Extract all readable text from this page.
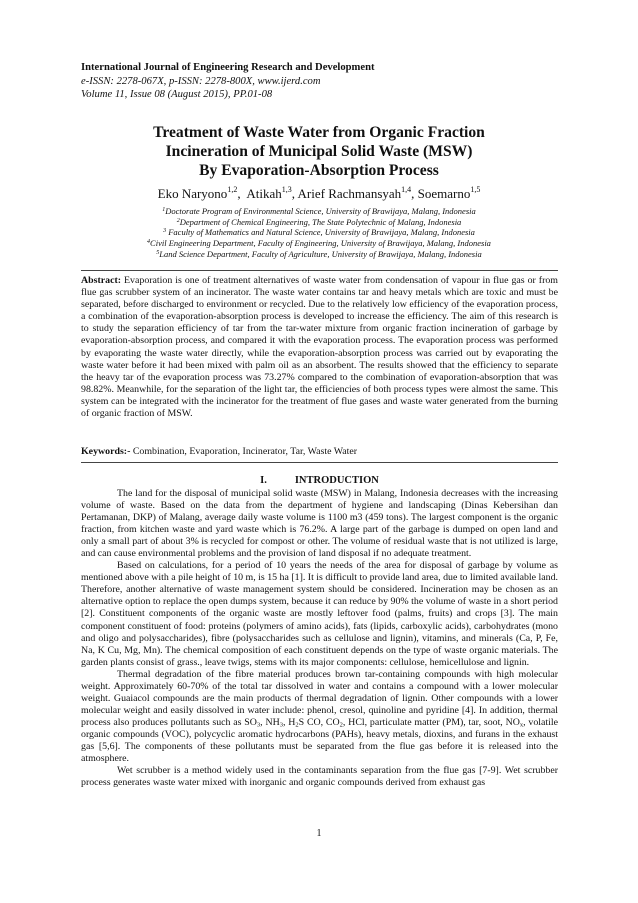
International Journal of Engineering Research and Development
e-ISSN: 2278-067X, p-ISSN: 2278-800X, www.ijerd.com
Volume 11, Issue 08 (August 2015), PP.01-08
Treatment of Waste Water from Organic Fraction
Incineration of Municipal Solid Waste (MSW)
By Evaporation-Absorption Process
Eko Naryono$^{1,2}$,  Atikah$^{1,3}$, Arief Rachmansyah$^{1,4}$, Soemarno$^{1,5}$
$^1$Doctorate Program of Environmental Science, University of Brawijaya, Malang, Indonesia
$^2$Department of Chemical Engineering, The State Polytechnic of Malang, Indonesia
$^3$ Faculty of Mathematics and Natural Science, University of Brawijaya, Malang, Indonesia
$^4$Civil Engineering Department, Faculty of Engineering, University of Brawijaya, Malang, Indonesia
$^5$Land Science Department, Faculty of Agriculture, University of Brawijaya, Malang, Indonesia
Abstract: Evaporation is one of treatment alternatives of waste water from condensation of vapour in flue gas or from flue gas scrubber system of an incinerator. The waste water contains tar and heavy metals which are toxic and must be separated, before discharged to environment or recycled. Due to the relatively low efficiency of the evaporation process, a combination of the evaporation-absorption process is developed to increase the efficiency. The aim of this research is to study the separation efficiency of tar from the tar-water mixture from organic fraction incineration of garbage by evaporation-absorption process, and compared it with the evaporation process. The evaporation process was performed by evaporating the waste water directly, while the evaporation-absorption process was carried out by evaporating the waste water before it had been mixed with palm oil as an absorbent. The results showed that the efficiency to separate the heavy tar of the evaporation process was 73.27% compared to the combination of evaporation-absorption that was 98.82%. Meanwhile, for the separation of the light tar, the efficiencies of both process types were almost the same. This system can be integrated with the incinerator for the treatment of flue gases and waste water generated from the burning of organic fraction of MSW.
Keywords:- Combination, Evaporation, Incinerator, Tar, Waste Water
I.	INTRODUCTION

The land for the disposal of municipal solid waste (MSW) in Malang, Indonesia decreases with the increasing volume of waste. Based on the data from the department of hygiene and landscaping (Dinas Kebersihan dan Pertamanan, DKP) of Malang, average daily waste volume is 1100 m3 (459 tons). The largest component is the organic fraction, from kitchen waste and yard waste which is 76.2%. A large part of the garbage is dumped on open land and only a small part of about 3% is recycled for compost or other. The volume of residual waste that is not utilized is large, and can cause environmental problems and the provision of land disposal if no adequate treatment.

Based on calculations, for a period of 10 years the needs of the area for disposal of garbage by volume as mentioned above with a pile height of 10 m, is 15 ha [1]. It is difficult to provide land area, due to limited available land. Therefore, another alternative of waste management system should be considered. Incineration may be chosen as an alternative option to replace the open dumps system, because it can reduce by 90% the volume of waste in a short period [2]. Constituent components of the organic waste are mostly leftover food (palms, fruits) and crops [3]. The main component constituent of food: proteins (polymers of amino acids), fats (lipids, carboxylic acids), carbohydrates (mono and oligo and polysaccharides), fibre (polysaccharides such as cellulose and lignin), vitamins, and minerals (Ca, P, Fe, Na, K Cu, Mg, Mn). The chemical composition of each constituent depends on the type of waste organic materials. The garden plants consist of grass., leave twigs, stems with its major components: cellulose, hemicellulose and lignin.

Thermal degradation of the fibre material produces brown tar-containing compounds with high molecular weight. Approximately 60-70% of the total tar dissolved in water and contains a compound with a lower molecular weight. Guaiacol compounds are the main products of thermal degradation of lignin. Other compounds with a lower molecular weight and easily dissolved in water include: phenol, cresol, quinoline and pyridine [4]. In addition, thermal process also produces pollutants such as $SO_3$, $NH_3$, $H_2S$ CO, $CO_2$, HCl, particulate matter (PM), tar, soot, $NO_x$, volatile organic compounds (VOC), polycyclic aromatic hydrocarbons (PAHs), heavy metals, dioxins, and furans in the exhaust gas [5,6]. The components of these pollutants must be separated from the flue gas before it is released into the atmosphere.

Wet scrubber is a method widely used in the contaminants separation from the flue gas [7-9]. Wet scrubber process generates waste water mixed with inorganic and organic compounds derived from exhaust gas

1
